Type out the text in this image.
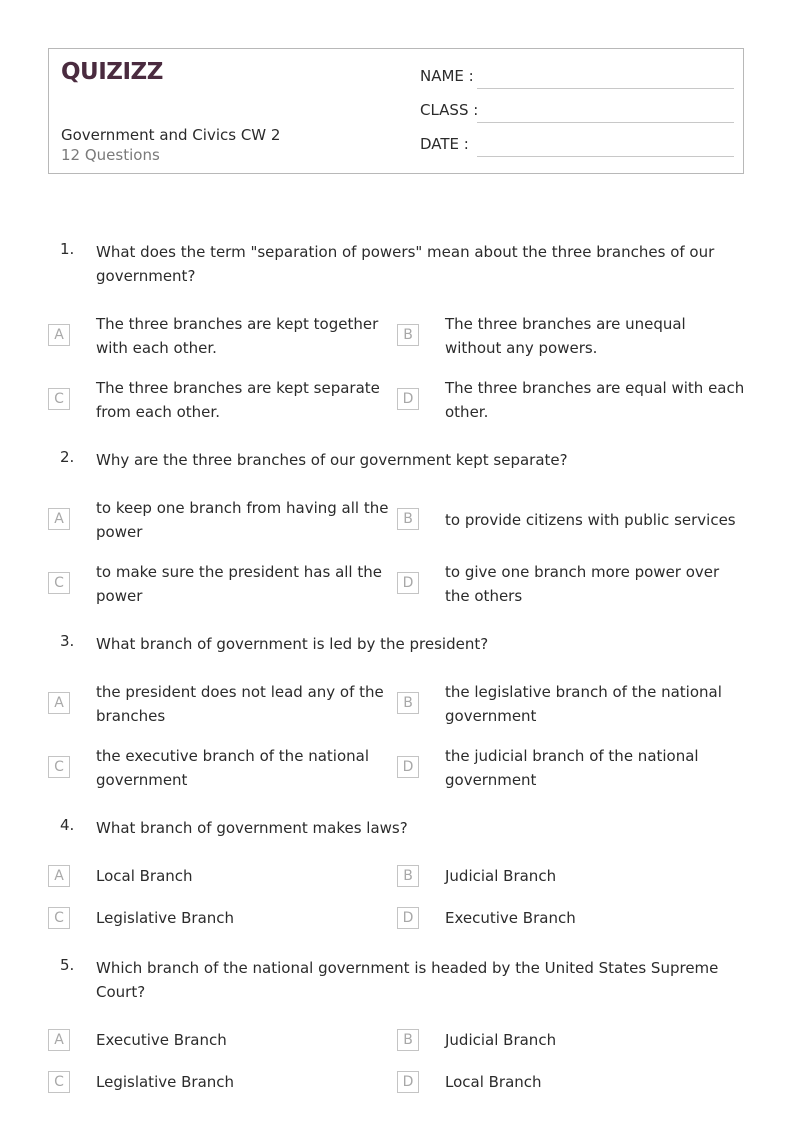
QUIZIZZ
Government and Civics CW 2
12 Questions
NAME :
CLASS :
DATE :
1. What does the term "separation of powers" mean about the three branches of our government?
A
The three branches are kept together with each other.
B
The three branches are unequal without any powers.
C
The three branches are kept separate from each other.
D
The three branches are equal with each other.
2. Why are the three branches of our government kept separate?
A
to keep one branch from having all the power
B	to provide citizens with public services
C
to make sure the president has all the power
D
to give one branch more power over the others
3. What branch of government is led by the president?
A
the president does not lead any of the branches
B
the legislative branch of the national government
C
the executive branch of the national government
D
the judicial branch of the national government
4. What branch of government makes laws?
A	Local Branch	B	Judicial Branch
C	Legislative Branch	D	Executive Branch
5. Which branch of the national government is headed by the United States Supreme Court?
A	Executive Branch	B	Judicial Branch
C	Legislative Branch	D	Local Branch
